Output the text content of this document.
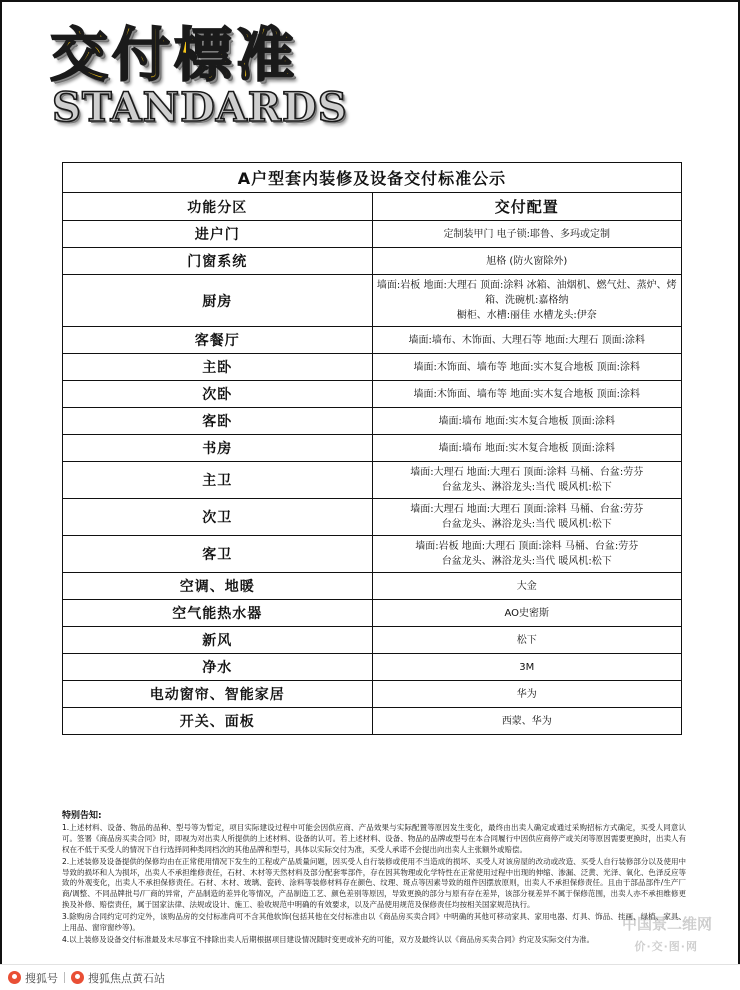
交付標准
STANDARDS
A户型套内装修及设备交付标准公示	
功能分区	交付配置
进户门	定制装甲门 电子锁:耶鲁、多玛或定制

门窗系统	旭格 (防火窗除外)

厨房	墙面:岩板 地面:大理石 顶面:涂料 冰箱、油烟机、燃气灶、蒸炉、烤箱、洗碗机:嘉格纳
橱柜、水槽:丽佳 水槽龙头:伊奈

客餐厅	墙面:墙布、木饰面、大理石等 地面:大理石 顶面:涂料

主卧	墙面:木饰面、墙布等 地面:实木复合地板 顶面:涂料

次卧	墙面:木饰面、墙布等 地面:实木复合地板 顶面:涂料

客卧	墙面:墙布 地面:实木复合地板 顶面:涂料

书房	墙面:墙布 地面:实木复合地板 顶面:涂料

主卫	墙面:大理石 地面:大理石 顶面:涂料 马桶、台盆:劳芬
台盆龙头、淋浴龙头:当代 暖风机:松下

次卫	墙面:大理石 地面:大理石 顶面:涂料 马桶、台盆:劳芬
台盆龙头、淋浴龙头:当代 暖风机:松下

客卫	墙面:岩板 地面:大理石 顶面:涂料 马桶、台盆:劳芬
台盆龙头、淋浴龙头:当代 暖风机:松下

空调、地暖	大金

空气能热水器	AO史密斯

新风	松下

净水	3M

电动窗帘、智能家居	华为

开关、面板	西蒙、华为
特别告知:
1.上述材料、设备、物品的品种、型号等为暂定，项目实际建设过程中可能会因供应商、产品效果与实际配置等原因发生变化，最终由出卖人确定或通过采购招标方式确定，买受人同意认可。签署《商品房买卖合同》时，即视为对出卖人所提供的上述材料、设备的认可。若上述材料、设备、物品的品牌或型号在本合同履行中因供应商停产或关闭等原因需要更换时，出卖人有权在不低于买受人的情况下自行选择同种类同档次的其他品牌和型号，具体以实际交付为准，买受人承诺不会提出向出卖人主张额外或赔偿。
2.上述装修及设备提供的保修均由在正常使用情况下发生的工程或产品质量问题，因买受人自行装修或使用不当造成的损坏、买受人对该房屋的改动或改造、买受人自行装修部分以及使用中导致的损坏和人为损坏，出卖人不承担维修责任，石材、木材等天然材料及部分配套零部件，存在因其物理或化学特性在正常使用过程中出现的伸缩、渗漏、泛黄、光泽、氧化、色泽反应等致的外观变化，出卖人不承担保修责任。石材、木材、玻璃、瓷砖、涂料等装修材料存在颜色、纹理、斑点等因素导致的组件因摆放原则，出卖人不承担保修责任。且由于部品部件/生产厂商/调整、不同品牌批号/厂商的异常，产品制造的差异化等情况，产品制造工艺、颜色差别等原因，导致更换的部分与原有存在差异，该部分视差异不属于保修范围，出卖人亦不承担维修更换及补修、赔偿责任，属于国家法律、法规或设计、施工、验收规范中明确的有效要求，以及产品使用规范及保修责任均按相关国家规范执行。
3.除购房合同约定可约定外，该购品房的交付标准尚可不含其他软饰(包括其他在交付标准由以《商品房买卖合同》中明确的其他可移动家具、家用电器、灯具、饰品、挂画、绿植、家具、上用品、窗帘窗纱等)。
4.以上装修及设备交付标准最及未尽事宜不排除出卖人后期根据项目建设情况随时变更或补充的可能，双方及最终认以《商品房买卖合同》约定及实际交付为准。
中国景二维网
价·交·图·网
搜狐号	搜狐焦点黄石站
